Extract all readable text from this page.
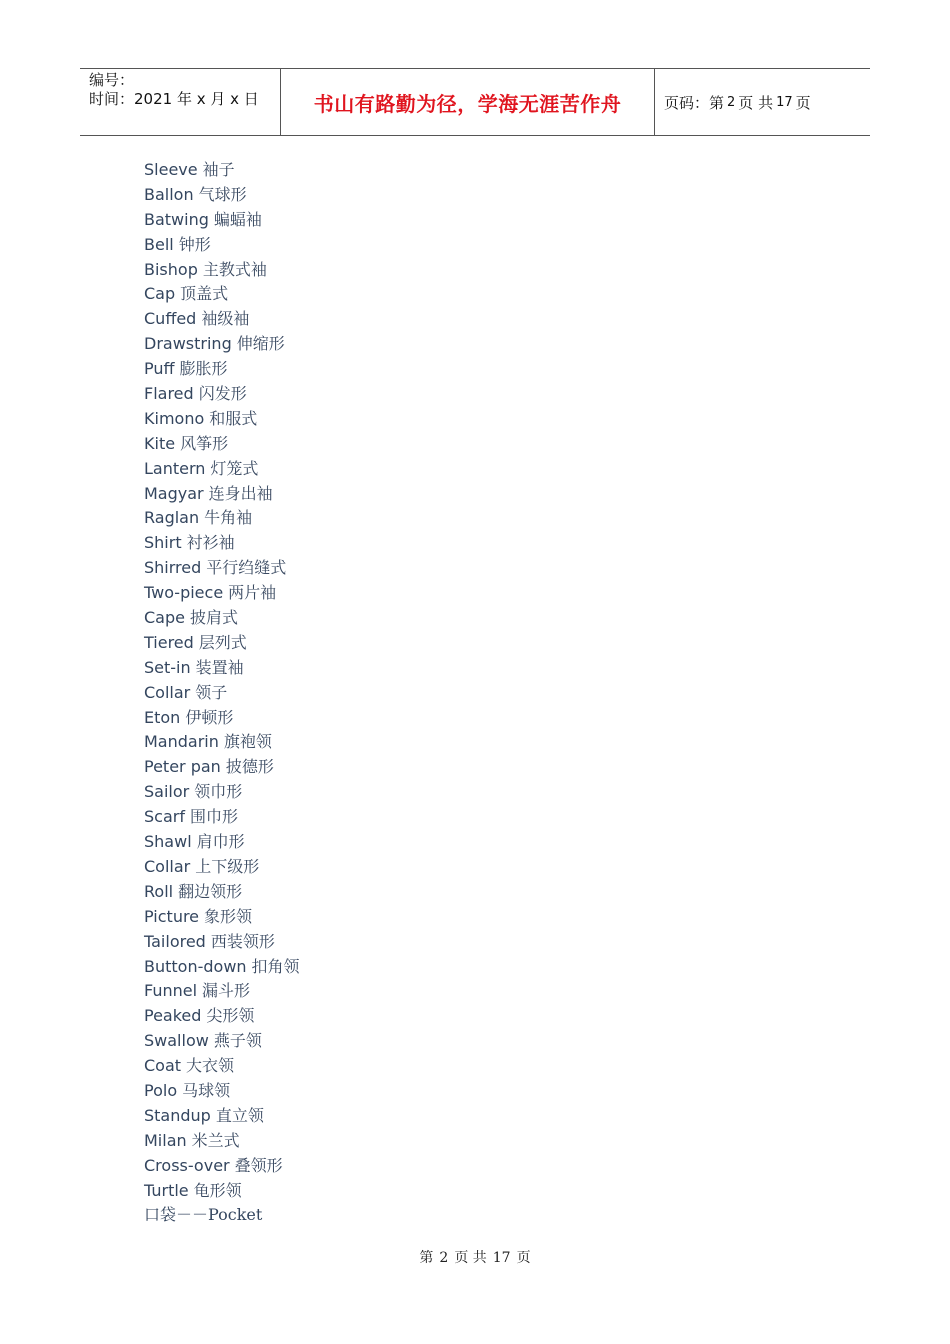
编号：
时间：2021 年 x 月 x 日	书山有路勤为径，学海无涯苦作舟	页码：第 2 页 共 17 页
Sleeve 袖子
Ballon 气球形
Batwing 蝙蝠袖
Bell 钟形
Bishop 主教式袖
Cap 顶盖式
Cuffed 袖级袖
Drawstring 伸缩形
Puff 膨胀形
Flared 闪发形
Kimono 和服式
Kite 风筝形
Lantern 灯笼式
Magyar 连身出袖
Raglan 牛角袖
Shirt 衬衫袖
Shirred 平行绉缝式
Two-piece 两片袖
Cape 披肩式
Tiered 层列式
Set-in 装置袖
Collar 领子
Eton 伊顿形
Mandarin 旗袍领
Peter pan 披德形
Sailor 领巾形
Scarf 围巾形
Shawl 肩巾形
Collar 上下级形
Roll 翻边领形
Picture 象形领
Tailored 西装领形
Button-down 扣角领
Funnel 漏斗形
Peaked 尖形领
Swallow 燕子领
Coat 大衣领
Polo 马球领
Standup 直立领
Milan 米兰式
Cross-over 叠领形
Turtle 龟形领
口袋－－Pocket
第 2 页 共 17 页
